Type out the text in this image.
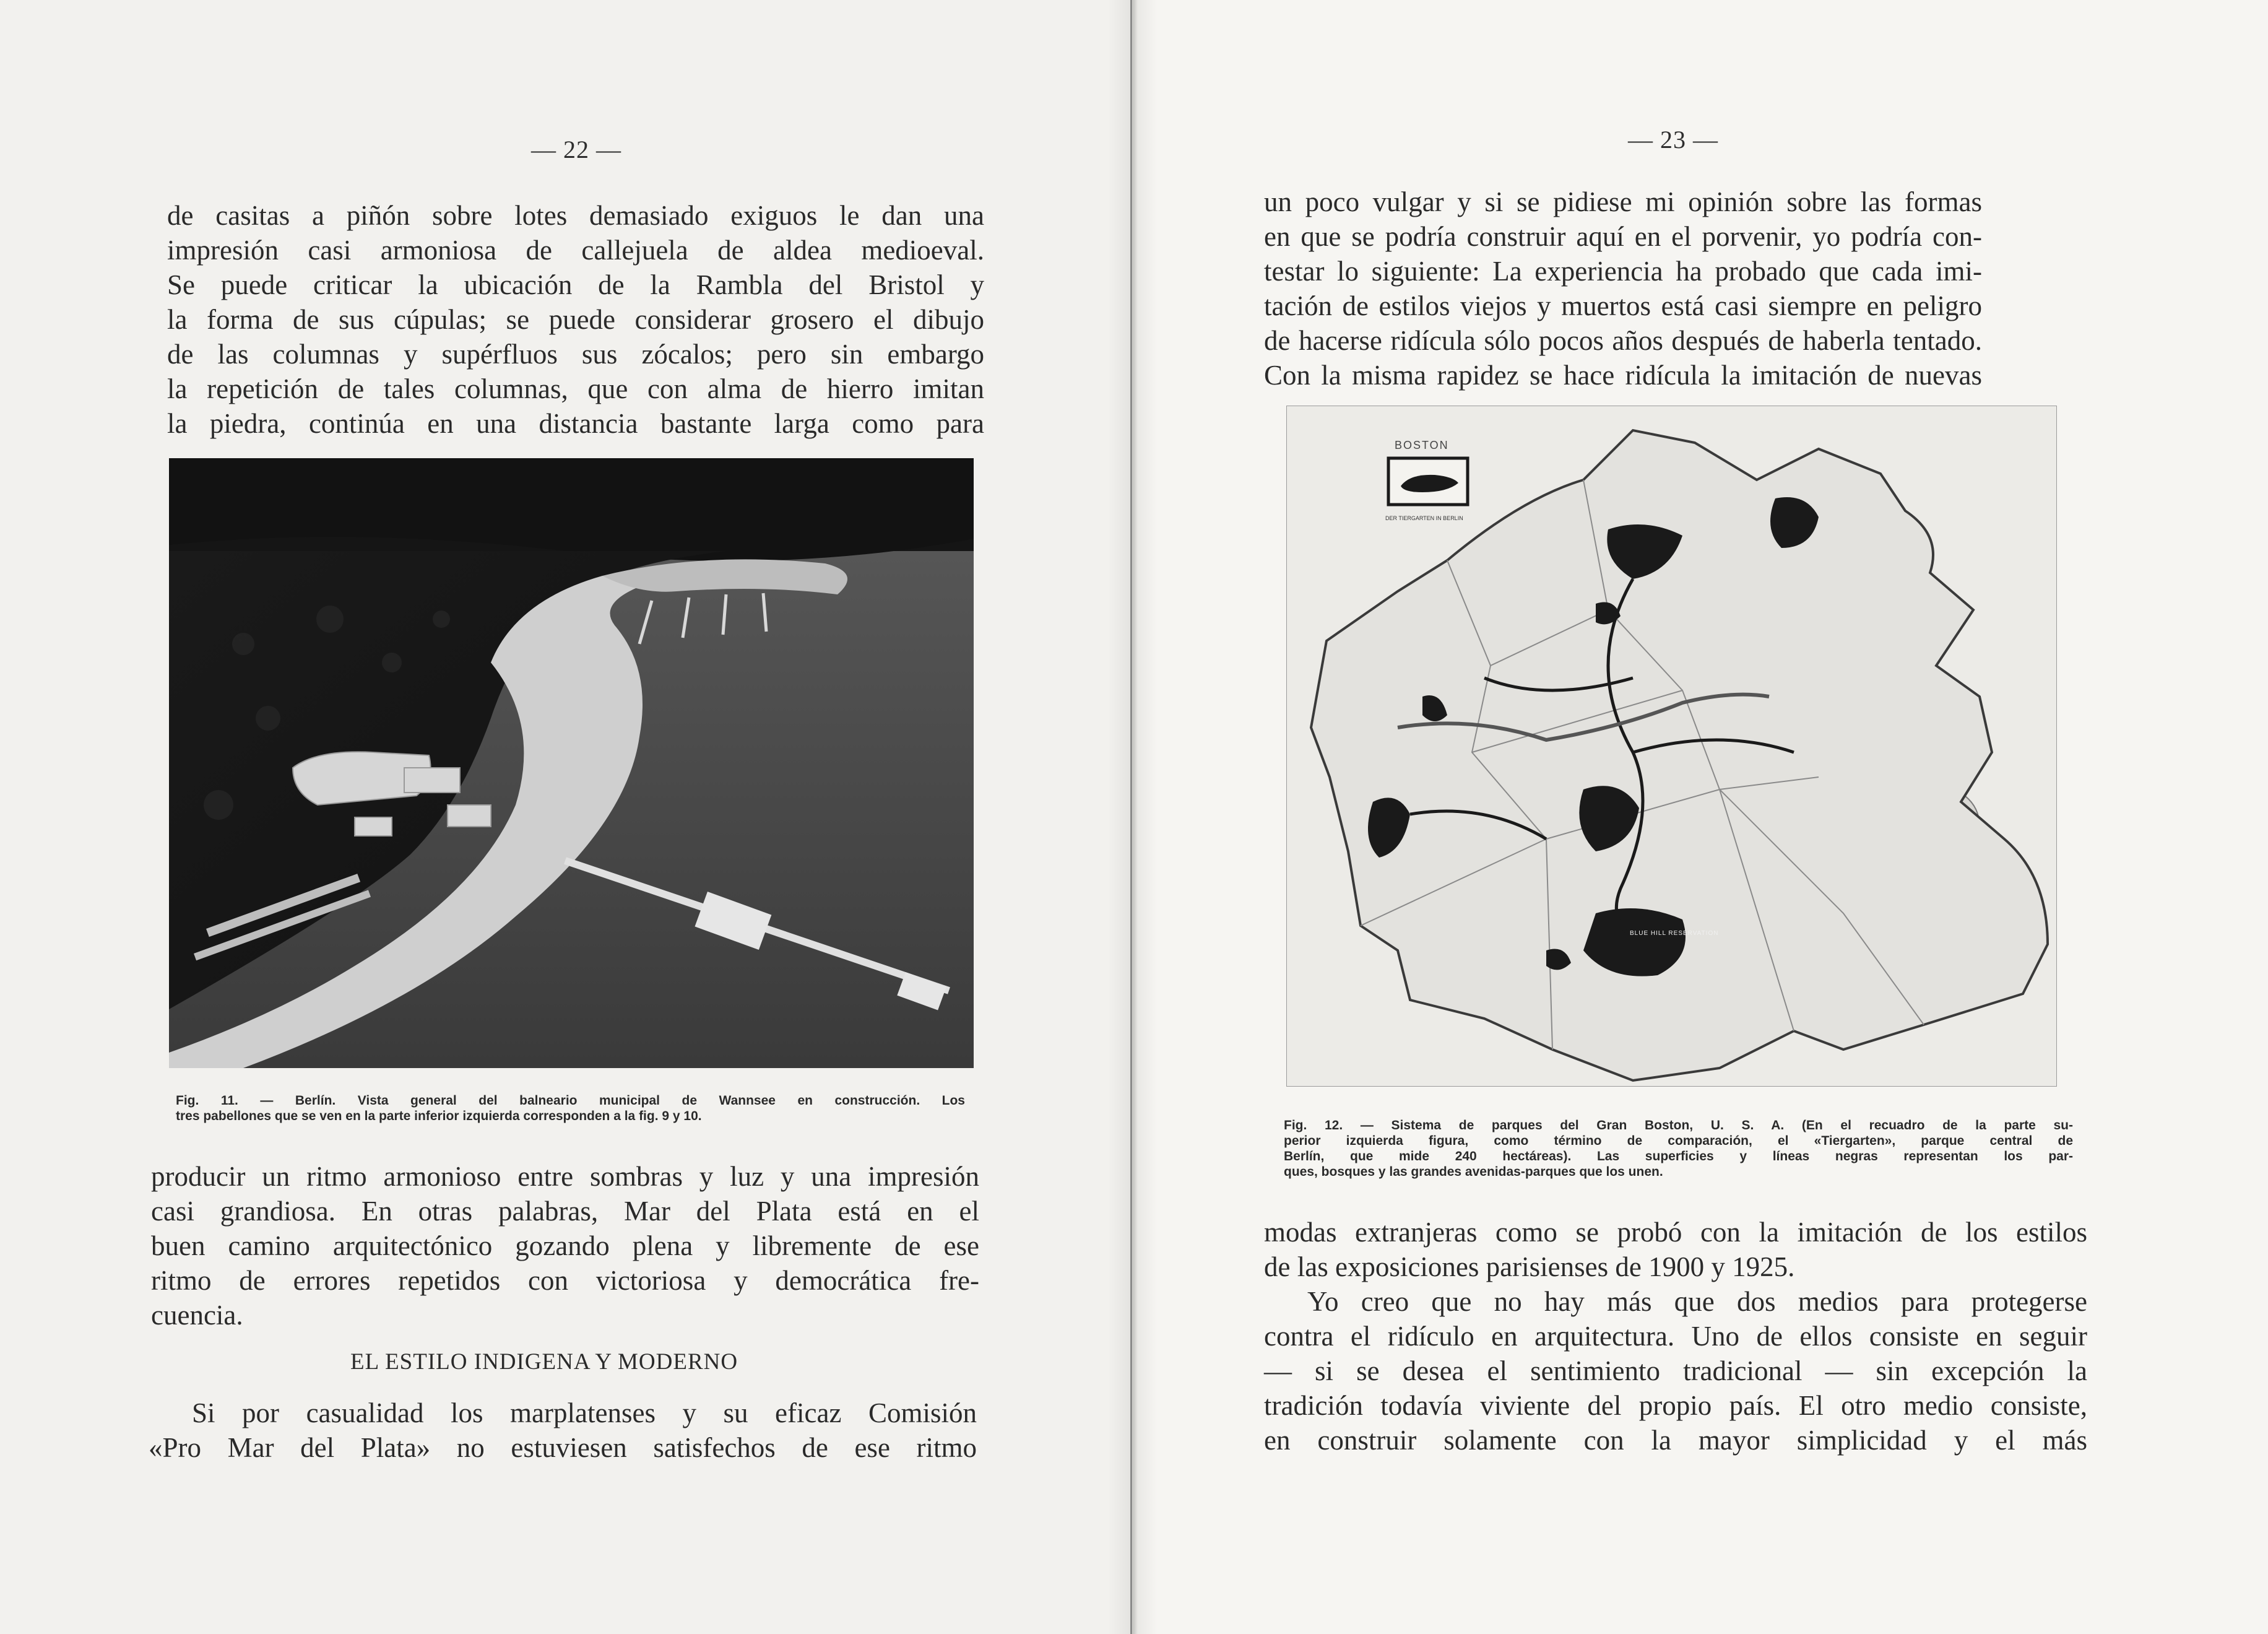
— 22 —
de casitas a piñón sobre lotes demasiado exiguos le dan una
impresión casi armoniosa de callejuela de aldea medioeval.
Se puede criticar la ubicación de la Rambla del Bristol y
la forma de sus cúpulas; se puede considerar grosero el dibujo
de las columnas y supérfluos sus zócalos; pero sin embargo
la repetición de tales columnas, que con alma de hierro imitan
la piedra, continúa en una distancia bastante larga como para
Fig. 11. — Berlín. Vista general del balneario municipal de Wannsee en construcción. Los
tres pabellones que se ven en la parte inferior izquierda corresponden a la fig. 9 y 10.
producir un ritmo armonioso entre sombras y luz y una impresión
casi grandiosa. En otras palabras, Mar del Plata está en el
buen camino arquitectónico gozando plena y libremente de ese
ritmo de errores repetidos con victoriosa y democrática fre-
cuencia.
EL ESTILO INDIGENA Y MODERNO
Si por casualidad los marplatenses y su eficaz Comisión
«Pro Mar del Plata» no estuviesen satisfechos de ese ritmo
— 23 —
un poco vulgar y si se pidiese mi opinión sobre las formas
en que se podría construir aquí en el porvenir, yo podría con-
testar lo siguiente: La experiencia ha probado que cada imi-
tación de estilos viejos y muertos está casi siempre en peligro
de hacerse ridícula sólo pocos años después de haberla tentado.
Con la misma rapidez se hace ridícula la imitación de nuevas
BOSTON
DER TIERGARTEN IN BERLIN
BLUE HILL RESERVATION
Fig. 12. — Sistema de parques del Gran Boston, U. S. A. (En el recuadro de la parte su-
perior izquierda figura, como término de comparación, el «Tiergarten», parque central de
Berlín, que mide 240 hectáreas). Las superficies y líneas negras representan los par-
ques, bosques y las grandes avenidas-parques que los unen.
modas extranjeras como se probó con la imitación de los estilos
de las exposiciones parisienses de 1900 y 1925.
Yo creo que no hay más que dos medios para protegerse
contra el ridículo en arquitectura. Uno de ellos consiste en seguir
— si se desea el sentimiento tradicional — sin excepción la
tradición todavía viviente del propio país. El otro medio consiste,
en construir solamente con la mayor simplicidad y el más
